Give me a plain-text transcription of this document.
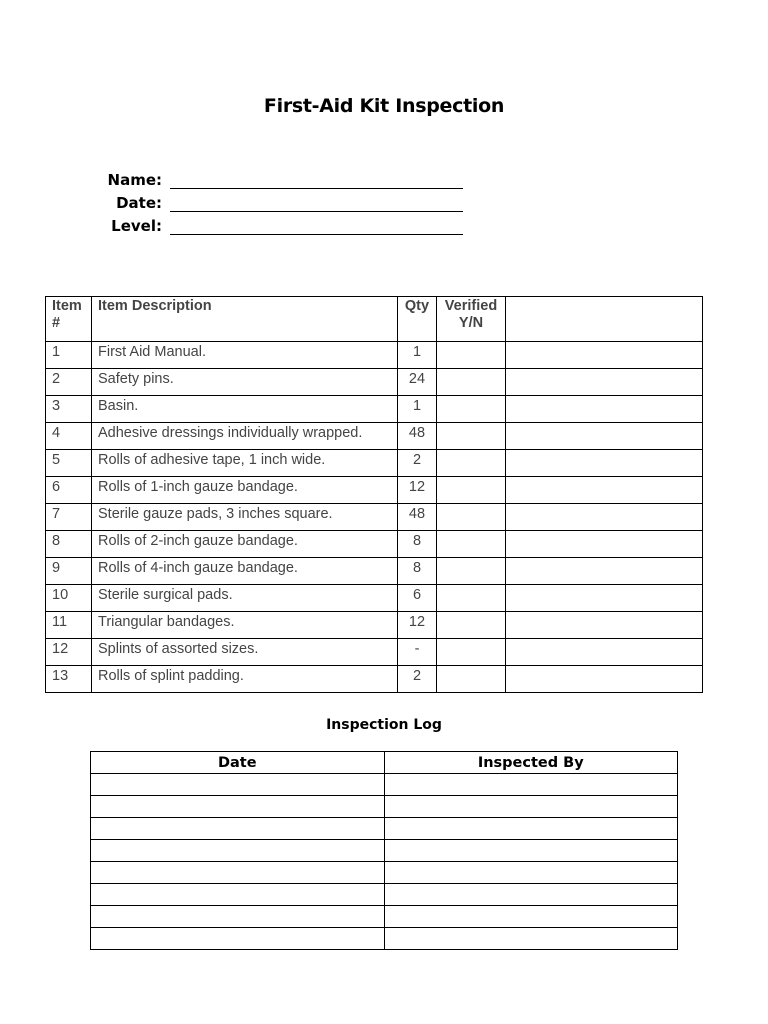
First-Aid Kit Inspection
Name:
Date:
Level:
Item #	Item Description	Qty	Verified Y/N	
1	First Aid Manual.	1		
2	Safety pins.	24		
3	Basin.	1		
4	Adhesive dressings individually wrapped.	48		
5	Rolls of adhesive tape, 1 inch wide.	2		
6	Rolls of 1-inch gauze bandage.	12		
7	Sterile gauze pads, 3 inches square.	48		
8	Rolls of 2-inch gauze bandage.	8		
9	Rolls of 4-inch gauze bandage.	8		
10	Sterile surgical pads.	6		
11	Triangular bandages.	12		
12	Splints of assorted sizes.	-		
13	Rolls of splint padding.	2		
Inspection Log
Date	Inspected By
